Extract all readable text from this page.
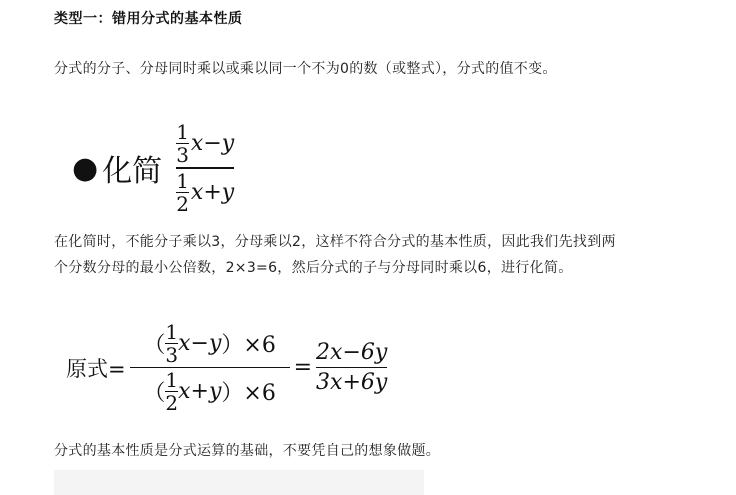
类型一：错用分式的基本性质
分式的分子、分母同时乘以或乘以同一个不为0的数（或整式），分式的值不变。
● 化简 $\frac{\frac{1}{3} x-y}{\frac{1}{2} x+y}$
在化简时，不能分子乘以3，分母乘以2，这样不符合分式的基本性质，因此我们先找到两
个分数分母的最小公倍数，2×3=6，然后分式的子与分母同时乘以6，进行化简。
原式=
（ $\frac{1}{3} x-y$ ）×6
（ $\frac{1}{2} x+y$ ）×6
= $\frac{2x-6y}{3x+6y}$
分式的基本性质是分式运算的基础，不要凭自己的想象做题。
